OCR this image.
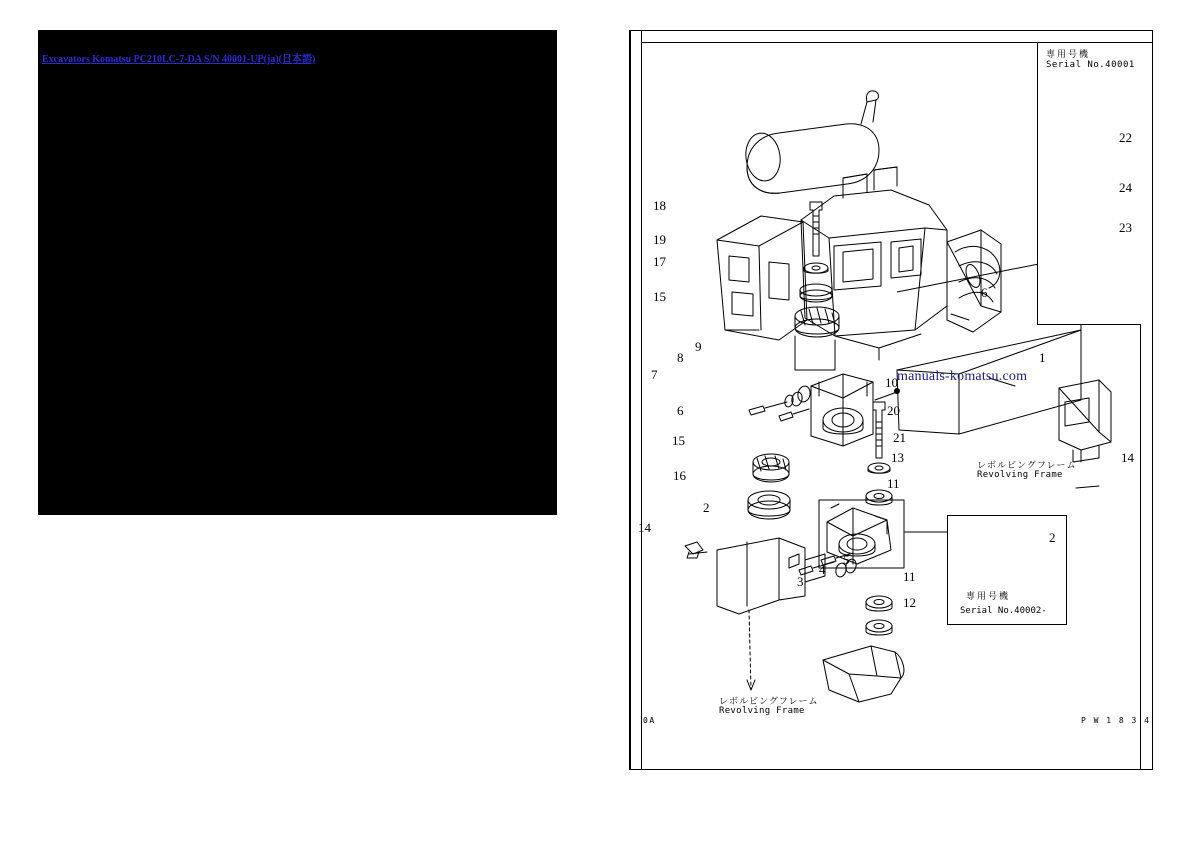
Excavators Komatsu PC210LC-7-DA S/N 40001-UP(ja)(日本語)	専用号機
Serial No.40001
専用号機
Serial No.40002-
レボルビングフレーム
Revolving Frame
レボルビングフレーム
Revolving Frame
manuals-komatsu.com
0A	P W 1 8 3 4
18
19
17
15
8
9
7
6
10
20
15	21
13
16
11
2
14
3
4
5
11
12
1
6
2
14
22
24
23
